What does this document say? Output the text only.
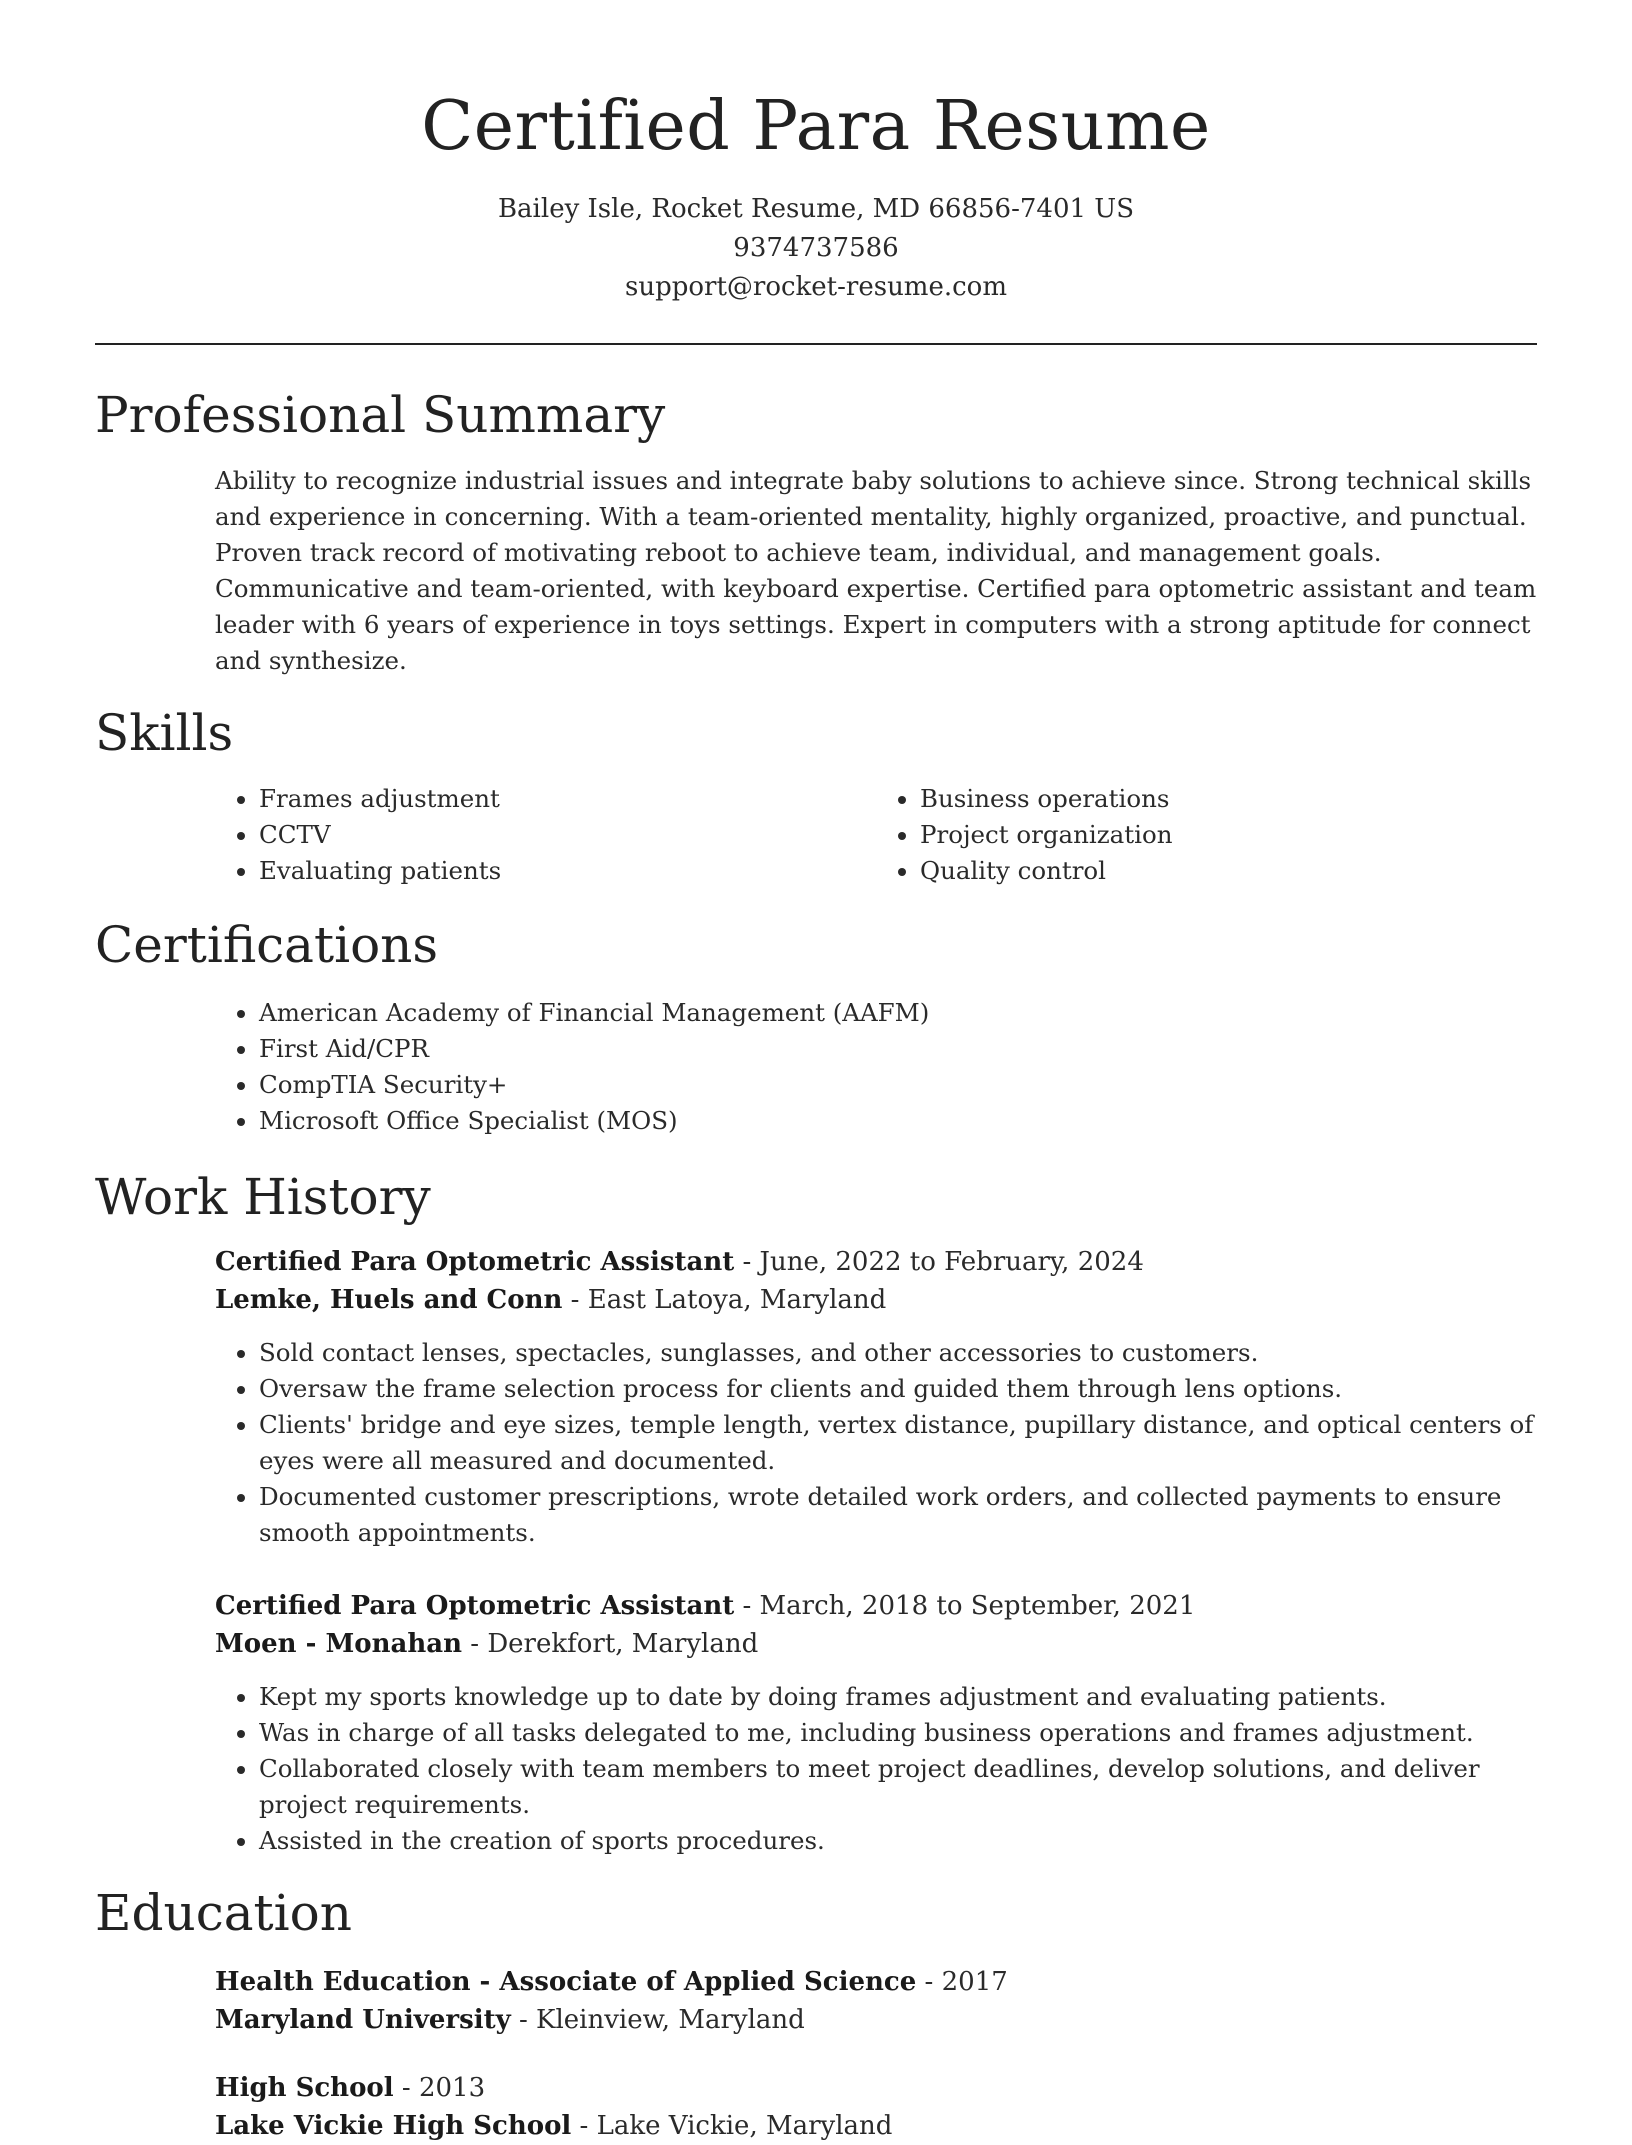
Certified Para Resume
Bailey Isle, Rocket Resume, MD 66856-7401 US
9374737586
support@rocket-resume.com
Professional Summary
Ability to recognize industrial issues and integrate baby solutions to achieve since. Strong technical skills and experience in concerning. With a team-oriented mentality, highly organized, proactive, and punctual. Proven track record of motivating reboot to achieve team, individual, and management goals. Communicative and team-oriented, with keyboard expertise. Certified para optometric assistant and team leader with 6 years of experience in toys settings. Expert in computers with a strong aptitude for connect and synthesize.
Skills
• Frames adjustment
• CCTV
• Evaluating patients
• Business operations
• Project organization
• Quality control
Certifications
• American Academy of Financial Management (AAFM)
• First Aid/CPR
• CompTIA Security+
• Microsoft Office Specialist (MOS)
Work History
Certified Para Optometric Assistant - June, 2022 to February, 2024
Lemke, Huels and Conn - East Latoya, Maryland
• Sold contact lenses, spectacles, sunglasses, and other accessories to customers.
• Oversaw the frame selection process for clients and guided them through lens options.
• Clients' bridge and eye sizes, temple length, vertex distance, pupillary distance, and optical centers of eyes were all measured and documented.
• Documented customer prescriptions, wrote detailed work orders, and collected payments to ensure smooth appointments.
Certified Para Optometric Assistant - March, 2018 to September, 2021
Moen - Monahan - Derekfort, Maryland
• Kept my sports knowledge up to date by doing frames adjustment and evaluating patients.
• Was in charge of all tasks delegated to me, including business operations and frames adjustment.
• Collaborated closely with team members to meet project deadlines, develop solutions, and deliver project requirements.
• Assisted in the creation of sports procedures.
Education
Health Education - Associate of Applied Science - 2017
Maryland University - Kleinview, Maryland
High School - 2013
Lake Vickie High School - Lake Vickie, Maryland
